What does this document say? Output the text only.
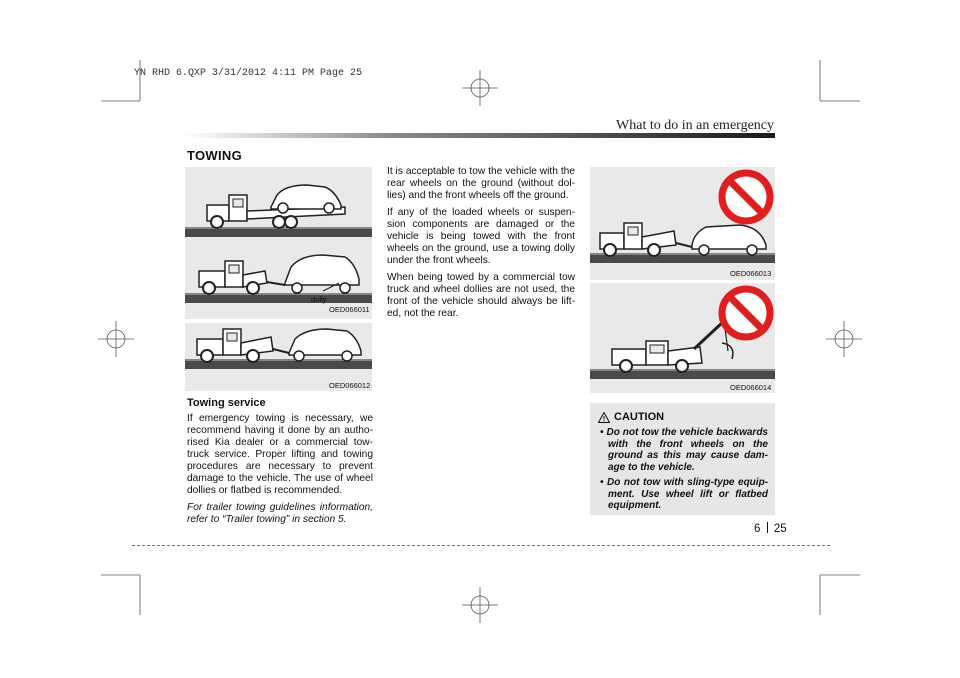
YN RHD 6.QXP 3/31/2012 4:11 PM Page 25
What to do in an emergency
TOWING
dolly
OED066011
OED066012
Towing service

If emergency towing is necessary, we recommend having it done by an autho-rised Kia dealer or a commercial tow-truck service. Proper lifting and towing procedures are necessary to prevent damage to the vehicle. The use of wheel dollies or flatbed is recommended.

For trailer towing guidelines information, refer to “Trailer towing” in section 5.

It is acceptable to tow the vehicle with the rear wheels on the ground (without dol-lies) and the front wheels off the ground.

If any of the loaded wheels or suspen-sion components are damaged or the vehicle is being towed with the front wheels on the ground, use a towing dolly under the front wheels.

When being towed by a commercial tow truck and wheel dollies are not used, the front of the vehicle should always be lift-ed, not the rear.

OED066013
OED066014
CAUTION
• Do not tow the vehicle backwards with the front wheels on the ground as this may cause dam-age to the vehicle.
• Do not tow with sling-type equip-ment. Use wheel lift or flatbed equipment.
6 25
